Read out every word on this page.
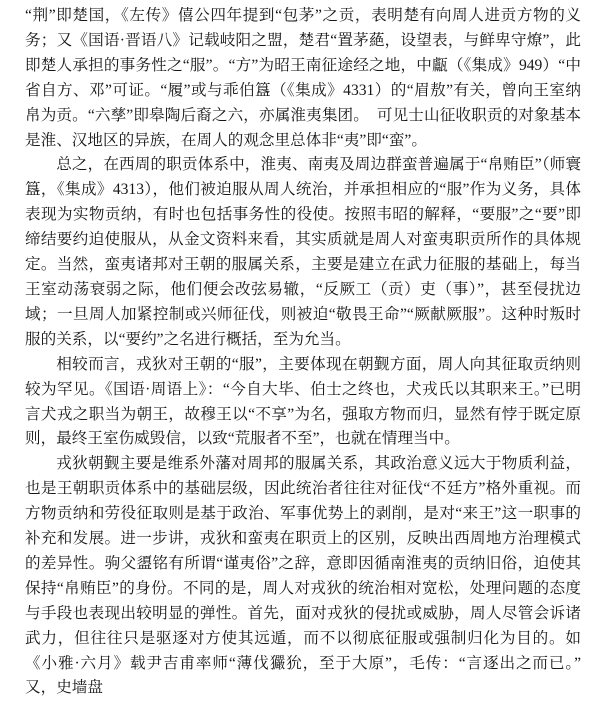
“荆”即楚国，《左传》僖公四年提到“包茅”之贡，表明楚有向周人进贡方物的义务；又《国语·晋语八》记载岐阳之盟，楚君“置茅蕝，设望表，与鲜卑守燎”，此即楚人承担的事务性之“服”。“方”为昭王南征途经之地，中甗（《集成》949）“中省自方、邓”可证。“履”或与乖伯簋（《集成》4331）的“眉敖”有关，曾向王室纳帛为贡。“六孳”即皋陶后裔之六，亦属淮夷集团。　可见士山征收职贡的对象基本是淮、汉地区的异族，在周人的观念里总体非“夷”即“蛮”。

总之，在西周的职贡体系中，淮夷、南夷及周边群蛮普遍属于“帛贿臣”（师寰簋，《集成》4313），他们被迫服从周人统治，并承担相应的“服”作为义务，具体表现为实物贡纳，有时也包括事务性的役使。按照韦昭的解释，“要服”之“要”即缔结要约迫使服从，从金文资料来看，其实质就是周人对蛮夷职贡所作的具体规定。当然，蛮夷诸邦对王朝的服属关系，主要是建立在武力征服的基础上，每当王室动荡衰弱之际，他们便会改弦易辙，“反厥工（贡）吏（事）”，甚至侵扰边域；一旦周人加紧控制或兴师征伐，则被迫“敬畏王命”“厥献厥服”。这种时叛时服的关系，以“要约”之名进行概括，至为允当。

相较而言，戎狄对王朝的“服”，主要体现在朝觐方面，周人向其征取贡纳则较为罕见。《国语·周语上》：“今自大毕、伯士之终也，犬戎氏以其职来王。”已明言犬戎之职当为朝王，故穆王以“不享”为名，强取方物而归，显然有悖于既定原则，最终王室伤威毁信，以致“荒服者不至”，也就在情理当中。

戎狄朝觐主要是维系外藩对周邦的服属关系，其政治意义远大于物质利益，也是王朝职贡体系中的基础层级，因此统治者往往对征伐“不廷方”格外重视。而方物贡纳和劳役征取则是基于政治、军事优势上的剥削，是对“来王”这一职事的补充和发展。进一步讲，戎狄和蛮夷在职贡上的区别，反映出西周地方治理模式的差异性。驹父盨铭有所谓“谨夷俗”之辞，意即因循南淮夷的贡纳旧俗，迫使其保持“帛贿臣”的身份。不同的是，周人对戎狄的统治相对宽松，处理问题的态度与手段也表现出较明显的弹性。首先，面对戎狄的侵扰或威胁，周人尽管会诉诸武力，但往往只是驱逐对方使其远遁，而不以彻底征服或强制归化为目的。如《小雅·六月》载尹吉甫率师“薄伐玁狁，至于大原”，毛传：“言逐出之而已。”　又，史墙盘
